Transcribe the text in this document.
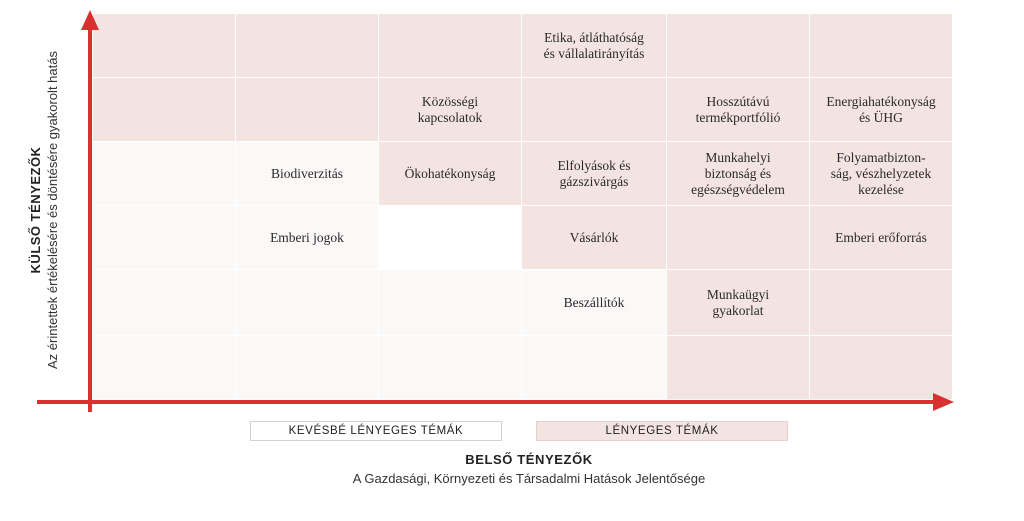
Etika, átláthatóság
és vállalatirányítás
Közösségi
kapcsolatok
Hosszútávú
termékportfólió
Energiahatékonyság
és ÜHG
Biodiverzitás	Ökohatékonyság
Elfolyások és
gázszivárgás
Munkahelyi
biztonság és
egészségvédelem
Folyamatbizton-
ság, vészhelyzetek
kezelése
Emberi jogok	Vásárlók	Emberi erőforrás
Beszállítók
Munkaügyi
gyakorlat
KÜLSŐ TÉNYEZŐK Az érintettek értékelésére és döntésére gyakorolt hatás
KEVÉSBÉ LÉNYEGES TÉMÁK	LÉNYEGES TÉMÁK
BELSŐ TÉNYEZŐK
A Gazdasági, Környezeti és Társadalmi Hatások Jelentősége
